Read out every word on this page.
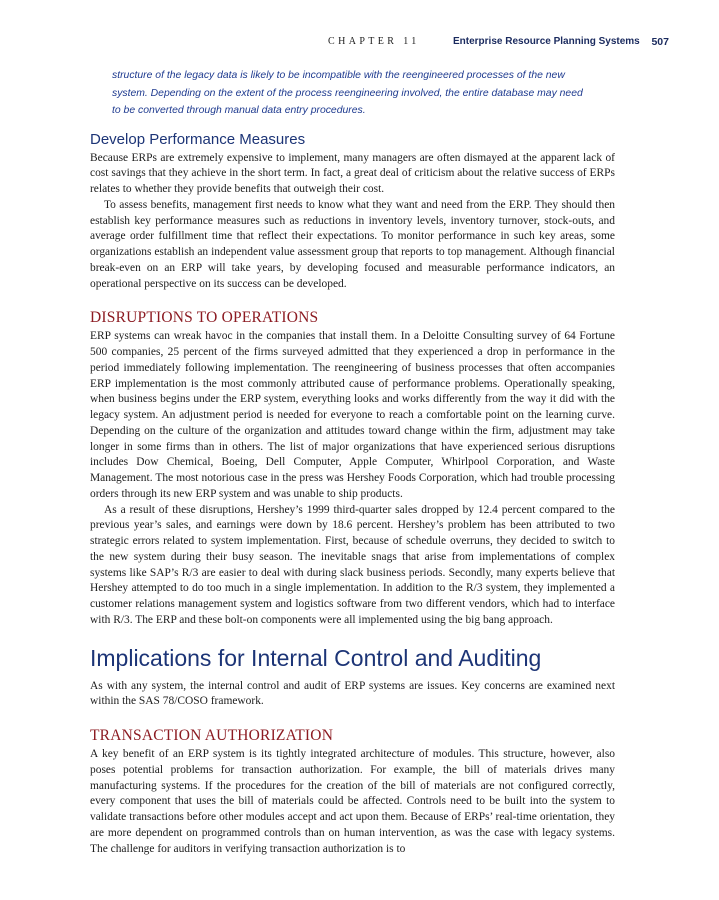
CHAPTER 11	Enterprise Resource Planning Systems 507
structure of the legacy data is likely to be incompatible with the reengineered processes of the new system. Depending on the extent of the process reengineering involved, the entire database may need to be converted through manual data entry procedures.
Develop Performance Measures

Because ERPs are extremely expensive to implement, many managers are often dismayed at the apparent lack of cost savings that they achieve in the short term. In fact, a great deal of criticism about the relative success of ERPs relates to whether they provide benefits that outweigh their cost.

To assess benefits, management first needs to know what they want and need from the ERP. They should then establish key performance measures such as reductions in inventory levels, inventory turnover, stock-outs, and average order fulfillment time that reflect their expectations. To monitor performance in such key areas, some organizations establish an independent value assessment group that reports to top management. Although financial break-even on an ERP will take years, by developing focused and measurable performance indicators, an operational perspective on its success can be developed.

DISRUPTIONS TO OPERATIONS

ERP systems can wreak havoc in the companies that install them. In a Deloitte Consulting survey of 64 Fortune 500 companies, 25 percent of the firms surveyed admitted that they experienced a drop in performance in the period immediately following implementation. The reengineering of business processes that often accompanies ERP implementation is the most commonly attributed cause of performance problems. Operationally speaking, when business begins under the ERP system, everything looks and works differently from the way it did with the legacy system. An adjustment period is needed for everyone to reach a comfortable point on the learning curve. Depending on the culture of the organization and attitudes toward change within the firm, adjustment may take longer in some firms than in others. The list of major organizations that have experienced serious disruptions includes Dow Chemical, Boeing, Dell Computer, Apple Computer, Whirlpool Corporation, and Waste Management. The most notorious case in the press was Hershey Foods Corporation, which had trouble processing orders through its new ERP system and was unable to ship products.

As a result of these disruptions, Hershey’s 1999 third-quarter sales dropped by 12.4 percent compared to the previous year’s sales, and earnings were down by 18.6 percent. Hershey’s problem has been attributed to two strategic errors related to system implementation. First, because of schedule overruns, they decided to switch to the new system during their busy season. The inevitable snags that arise from implementations of complex systems like SAP’s R/3 are easier to deal with during slack business periods. Secondly, many experts believe that Hershey attempted to do too much in a single implementation. In addition to the R/3 system, they implemented a customer relations management system and logistics software from two different vendors, which had to interface with R/3. The ERP and these bolt-on components were all implemented using the big bang approach.

Implications for Internal Control and Auditing

As with any system, the internal control and audit of ERP systems are issues. Key concerns are examined next within the SAS 78/COSO framework.

TRANSACTION AUTHORIZATION

A key benefit of an ERP system is its tightly integrated architecture of modules. This structure, however, also poses potential problems for transaction authorization. For example, the bill of materials drives many manufacturing systems. If the procedures for the creation of the bill of materials are not configured correctly, every component that uses the bill of materials could be affected. Controls need to be built into the system to validate transactions before other modules accept and act upon them. Because of ERPs’ real-time orientation, they are more dependent on programmed controls than on human intervention, as was the case with legacy systems. The challenge for auditors in verifying transaction authorization is to
